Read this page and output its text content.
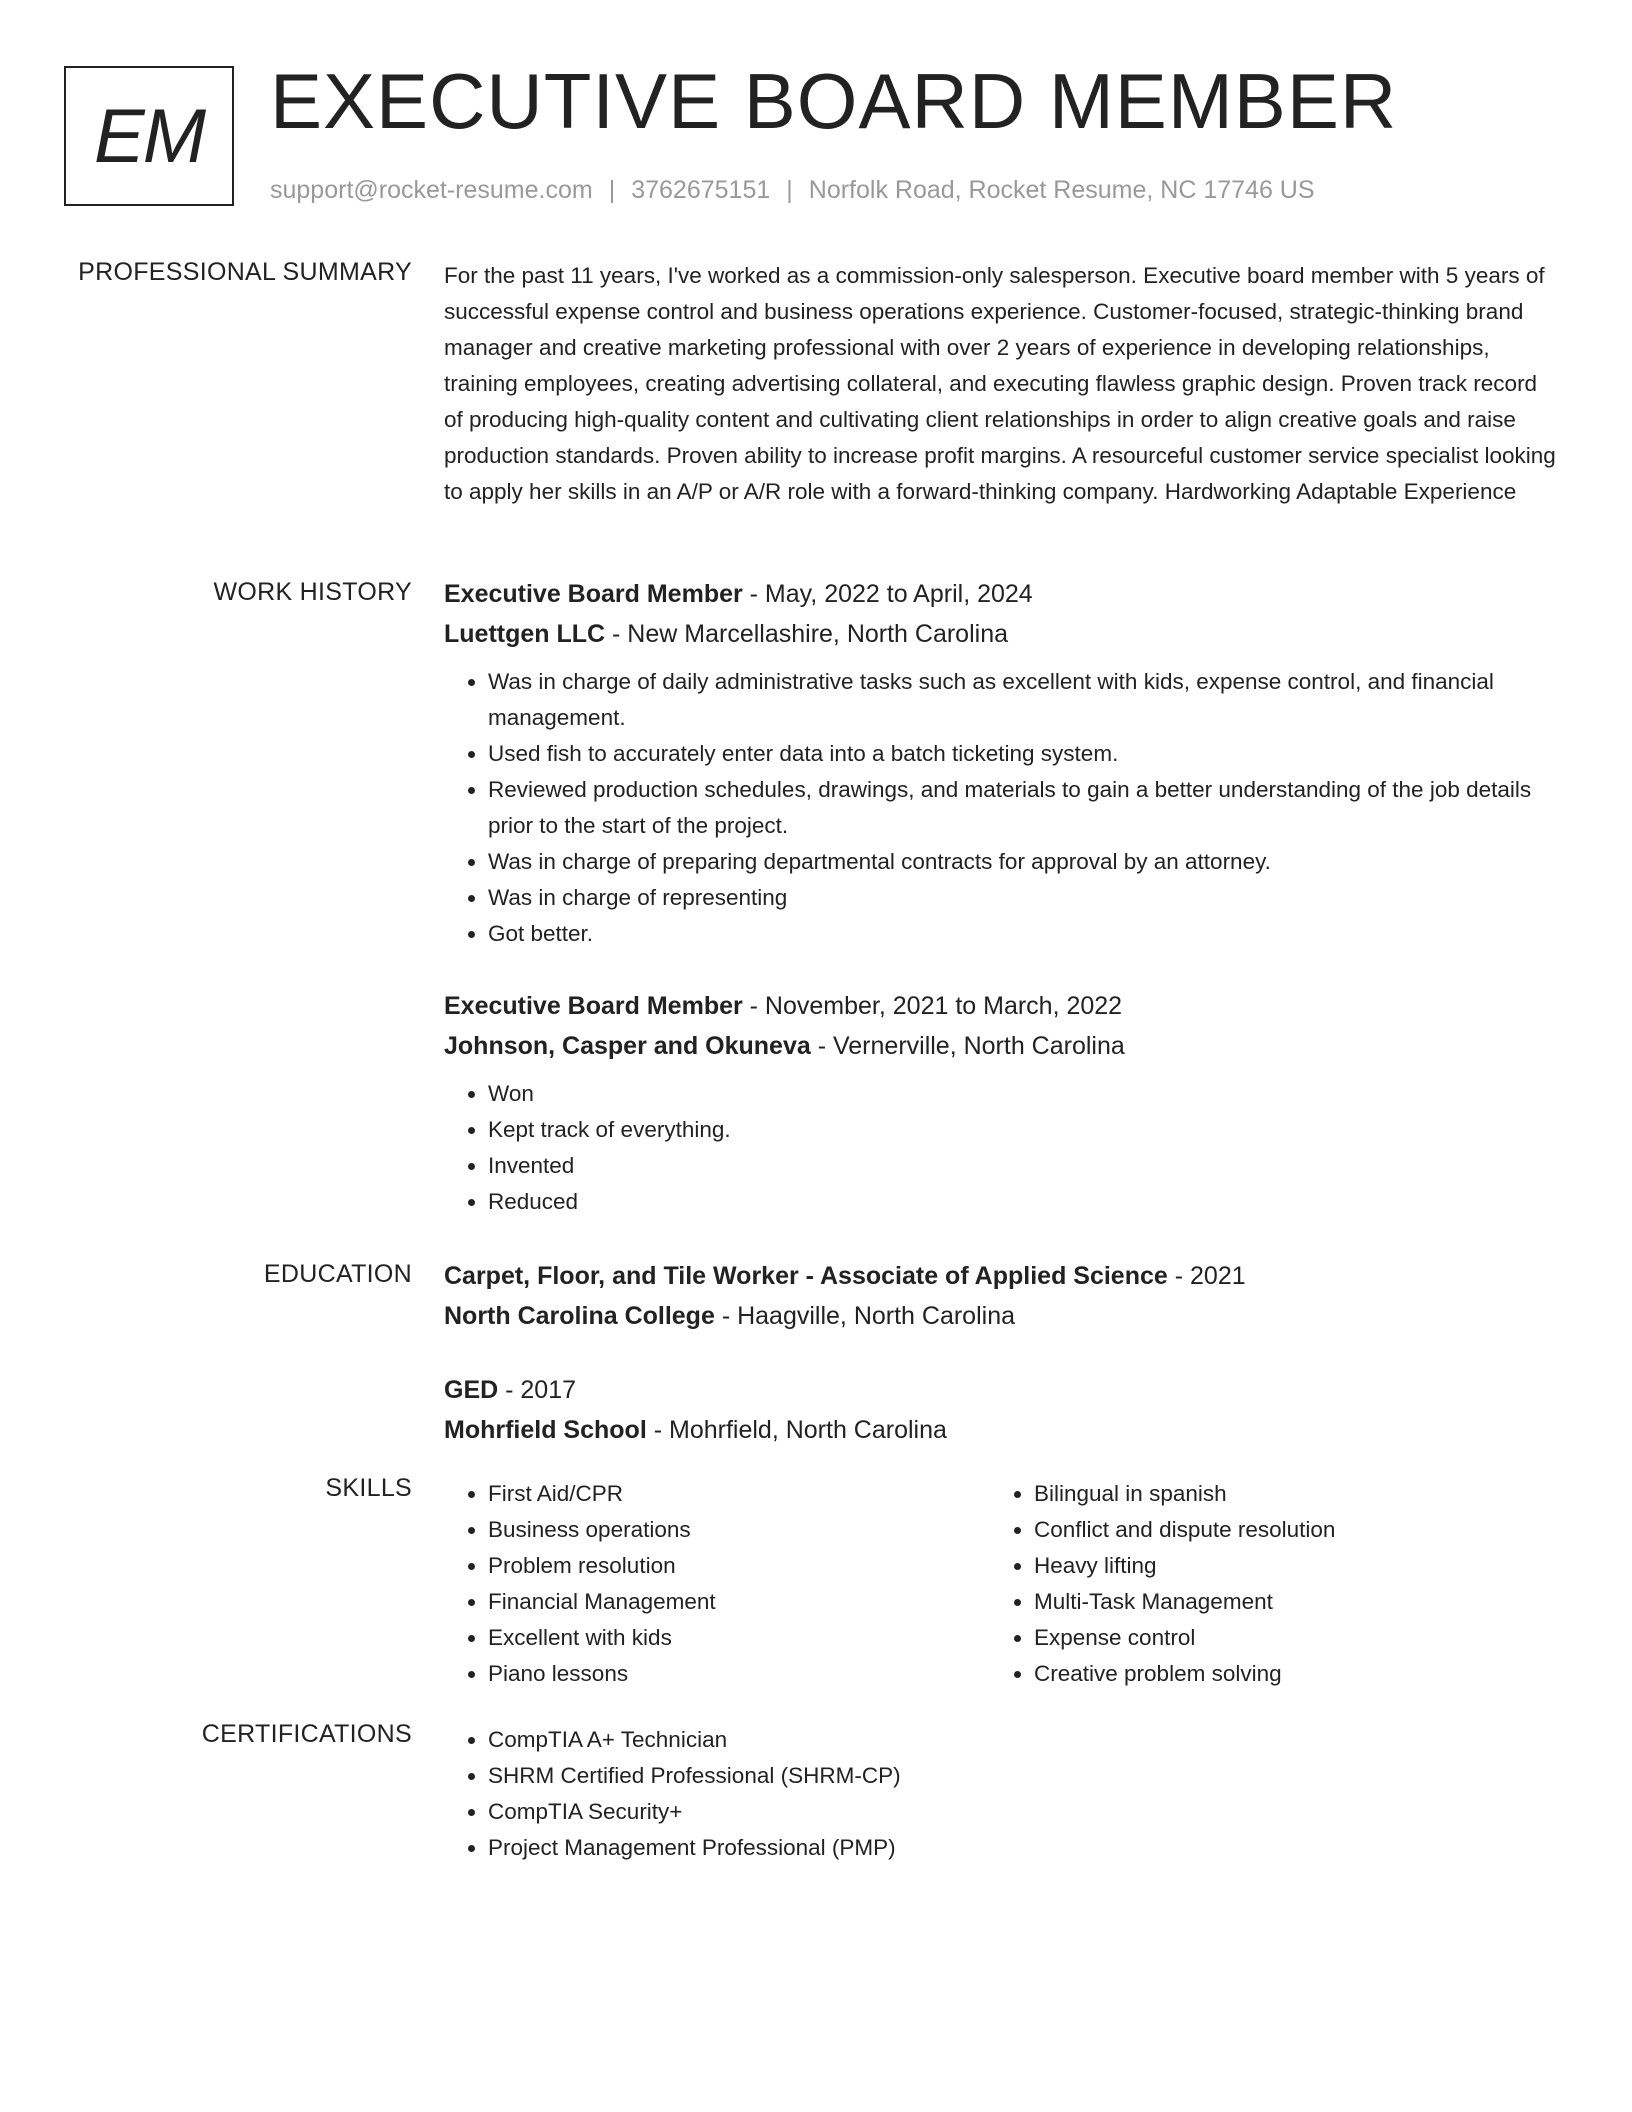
EM EXECUTIVE BOARD MEMBER
support@rocket-resume.com | 3762675151 | Norfolk Road, Rocket Resume, NC 17746 US
PROFESSIONAL SUMMARY For the past 11 years, I've worked as a commission-only salesperson. Executive board member with 5 years of successful expense control and business operations experience. Customer-focused, strategic-thinking brand manager and creative marketing professional with over 2 years of experience in developing relationships, training employees, creating advertising collateral, and executing flawless graphic design. Proven track record of producing high-quality content and cultivating client relationships in order to align creative goals and raise production standards. Proven ability to increase profit margins. A resourceful customer service specialist looking to apply her skills in an A/P or A/R role with a forward-thinking company. Hardworking Adaptable Experience

WORK HISTORY Executive Board Member - May, 2022 to April, 2024
Luettgen LLC - New Marcellashire, North Carolina
• Was in charge of daily administrative tasks such as excellent with kids, expense control, and financial management.
• Used fish to accurately enter data into a batch ticketing system.
• Reviewed production schedules, drawings, and materials to gain a better understanding of the job details prior to the start of the project.
• Was in charge of preparing departmental contracts for approval by an attorney.
• Was in charge of representing
• Got better.
Executive Board Member - November, 2021 to March, 2022
Johnson, Casper and Okuneva - Vernerville, North Carolina
• Won
• Kept track of everything.
• Invented
• Reduced
EDUCATION Carpet, Floor, and Tile Worker - Associate of Applied Science - 2021
North Carolina College - Haagville, North Carolina
GED - 2017
Mohrfield School - Mohrfield, North Carolina
SKILLS	• First Aid/CPR
• Business operations
• Problem resolution
• Financial Management
• Excellent with kids
• Piano lessons
• Bilingual in spanish
• Conflict and dispute resolution
• Heavy lifting
• Multi-Task Management
• Expense control
• Creative problem solving
CERTIFICATIONS	• CompTIA A+ Technician
• SHRM Certified Professional (SHRM-CP)
• CompTIA Security+
• Project Management Professional (PMP)
